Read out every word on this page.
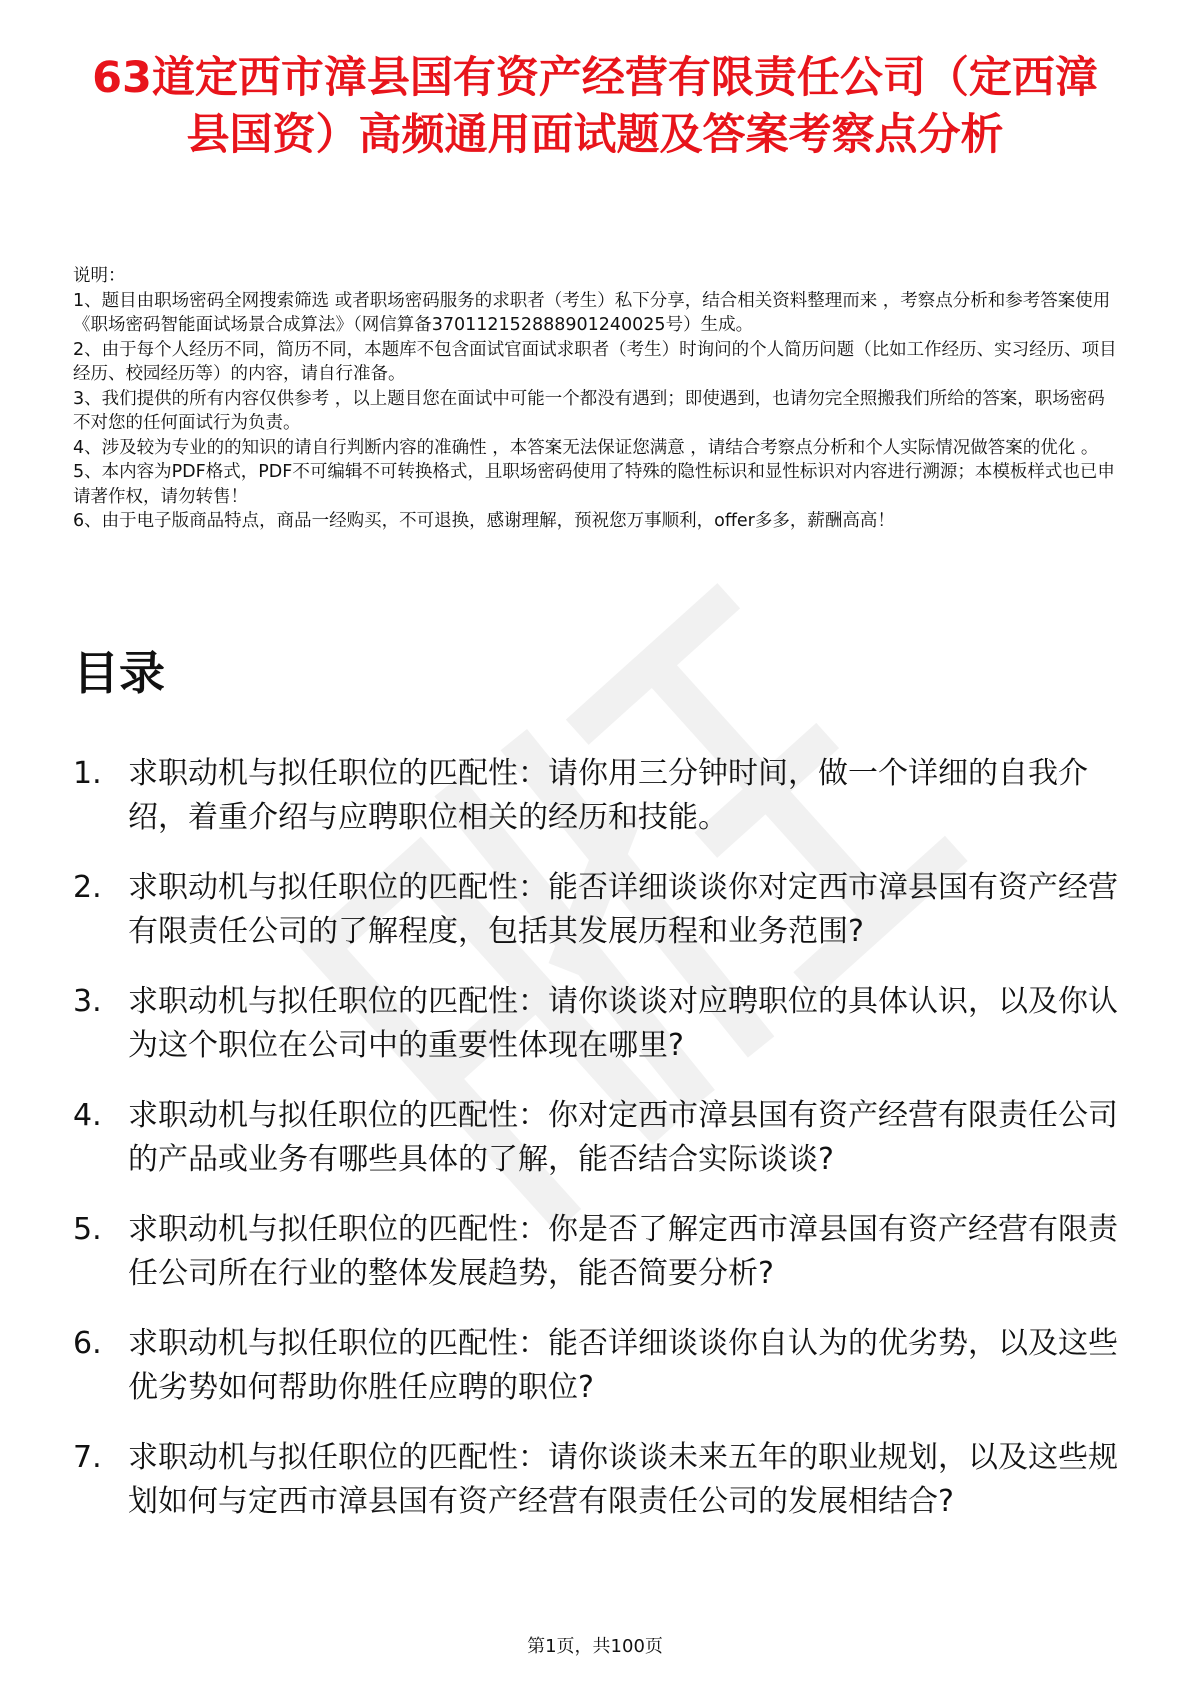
63道定西市漳县国有资产经营有限责任公司（定西漳县国资）高频通用面试题及答案考察点分析

说明：

1、题目由职场密码全网搜索筛选 或者职场密码服务的求职者（考生）私下分享，结合相关资料整理而来 ，考察点分析和参考答案使用《职场密码智能面试场景合成算法》（网信算备370112152888901240025号）生成。

2、由于每个人经历不同，简历不同，本题库不包含面试官面试求职者（考生）时询问的个人简历问题（比如工作经历、实习经历、项目经历、校园经历等）的内容，请自行准备。

3、我们提供的所有内容仅供参考 ，以上题目您在面试中可能一个都没有遇到；即使遇到，也请勿完全照搬我们所给的答案，职场密码不对您的任何面试行为负责。

4、涉及较为专业的的知识的请自行判断内容的准确性 ，本答案无法保证您满意 ，请结合考察点分析和个人实际情况做答案的优化 。

5、本内容为PDF格式，PDF不可编辑不可转换格式，且职场密码使用了特殊的隐性标识和显性标识对内容进行溯源；本模板样式也已申请著作权，请勿转售！

6、由于电子版商品特点，商品一经购买，不可退换，感谢理解，预祝您万事顺利，offer多多，薪酬高高！

目录
1. 求职动机与拟任职位的匹配性：请你用三分钟时间，做一个详细的自我介绍，着重介绍与应聘职位相关的经历和技能。
2. 求职动机与拟任职位的匹配性：能否详细谈谈你对定西市漳县国有资产经营有限责任公司的了解程度，包括其发展历程和业务范围?
3. 求职动机与拟任职位的匹配性：请你谈谈对应聘职位的具体认识，以及你认为这个职位在公司中的重要性体现在哪里?
4. 求职动机与拟任职位的匹配性：你对定西市漳县国有资产经营有限责任公司的产品或业务有哪些具体的了解，能否结合实际谈谈?
5. 求职动机与拟任职位的匹配性：你是否了解定西市漳县国有资产经营有限责任公司所在行业的整体发展趋势，能否简要分析?
6. 求职动机与拟任职位的匹配性：能否详细谈谈你自认为的优劣势，以及这些优劣势如何帮助你胜任应聘的职位?
7. 求职动机与拟任职位的匹配性：请你谈谈未来五年的职业规划，以及这些规划如何与定西市漳县国有资产经营有限责任公司的发展相结合?
第1页，共100页
